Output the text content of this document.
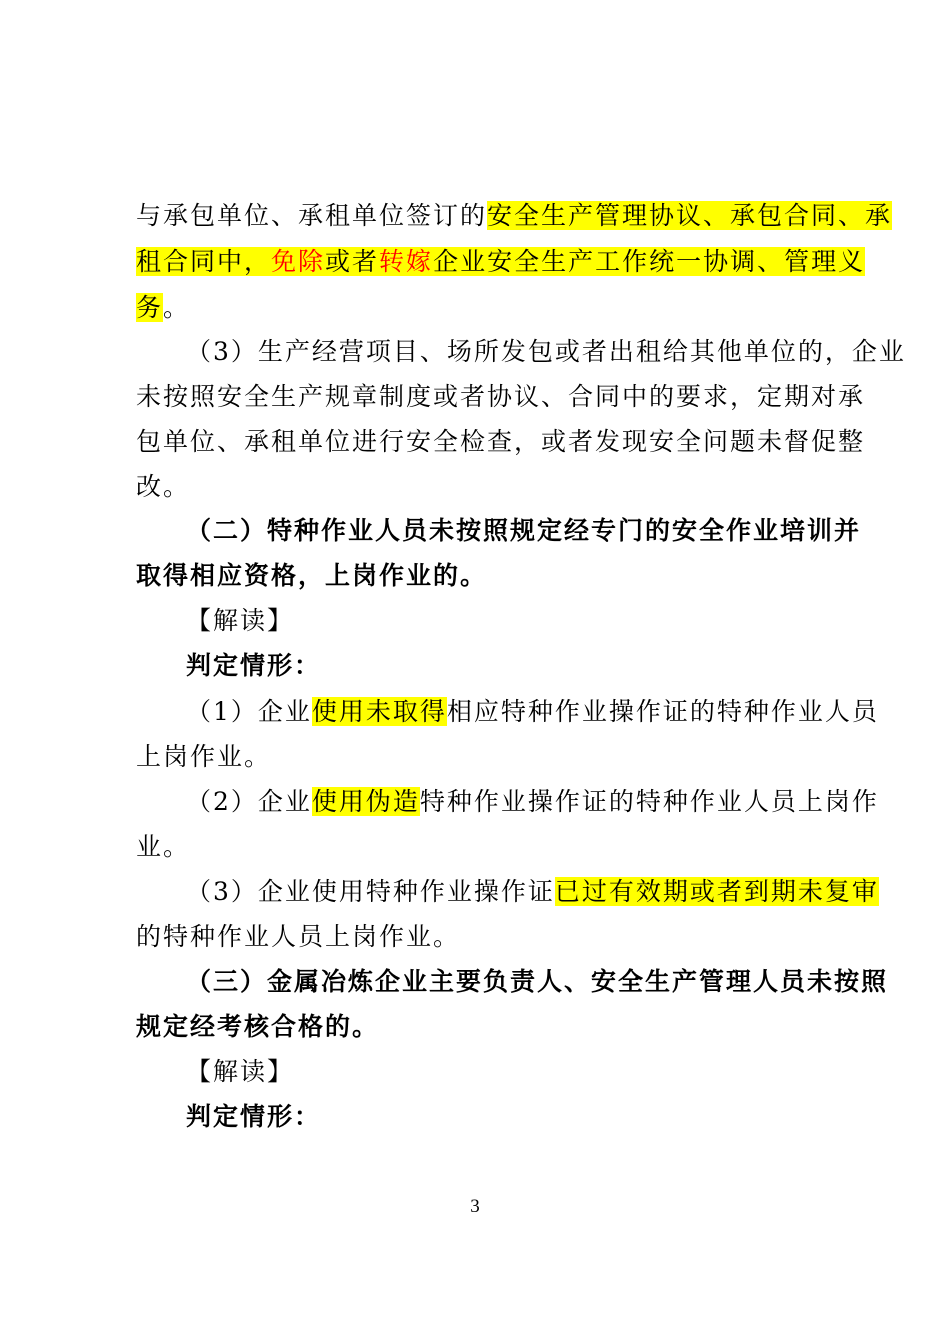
与承包单位、承租单位签订的安全生产管理协议、承包合同、承
租合同中，免除或者转嫁企业安全生产工作统一协调、管理义
务。
（3）生产经营项目、场所发包或者出租给其他单位的，企业
未按照安全生产规章制度或者协议、合同中的要求，定期对承
包单位、承租单位进行安全检查，或者发现安全问题未督促整
改。
（二）特种作业人员未按照规定经专门的安全作业培训并
取得相应资格，上岗作业的。
【解读】
判定情形：
（1）企业使用未取得相应特种作业操作证的特种作业人员
上岗作业。
（2）企业使用伪造特种作业操作证的特种作业人员上岗作
业。
（3）企业使用特种作业操作证已过有效期或者到期未复审
的特种作业人员上岗作业。
（三）金属冶炼企业主要负责人、安全生产管理人员未按照
规定经考核合格的。
【解读】
判定情形：
3
